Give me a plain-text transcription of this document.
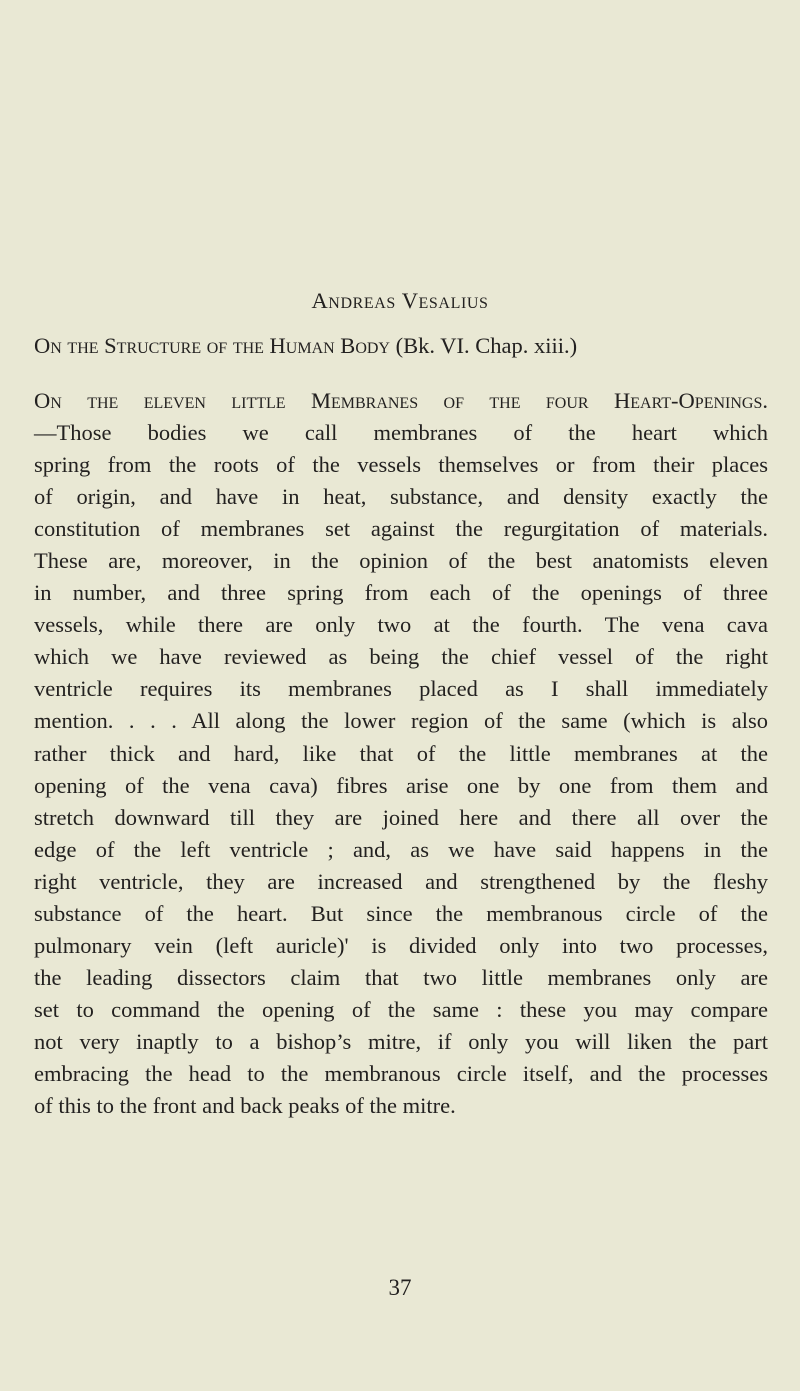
Andreas Vesalius
On the Structure of the Human Body (Bk. VI. Chap. xiii.)
On the eleven little Membranes of the four Heart-Openings.
—Those bodies we call membranes of the heart which
spring from the roots of the vessels themselves or from their places
of origin, and have in heat, substance, and density exactly the
constitution of membranes set against the regurgitation of materials.
These are, moreover, in the opinion of the best anatomists eleven
in number, and three spring from each of the openings of three
vessels, while there are only two at the fourth. The vena cava
which we have reviewed as being the chief vessel of the right
ventricle requires its membranes placed as I shall immediately
mention. . . . All along the lower region of the same (which is also
rather thick and hard, like that of the little membranes at the
opening of the vena cava) fibres arise one by one from them and
stretch downward till they are joined here and there all over the
edge of the left ventricle ; and, as we have said happens in the
right ventricle, they are increased and strengthened by the fleshy
substance of the heart. But since the membranous circle of the
pulmonary vein (left auricle)' is divided only into two processes,
the leading dissectors claim that two little membranes only are
set to command the opening of the same : these you may compare
not very inaptly to a bishop’s mitre, if only you will liken the part
embracing the head to the membranous circle itself, and the processes
of this to the front and back peaks of the mitre.
37
